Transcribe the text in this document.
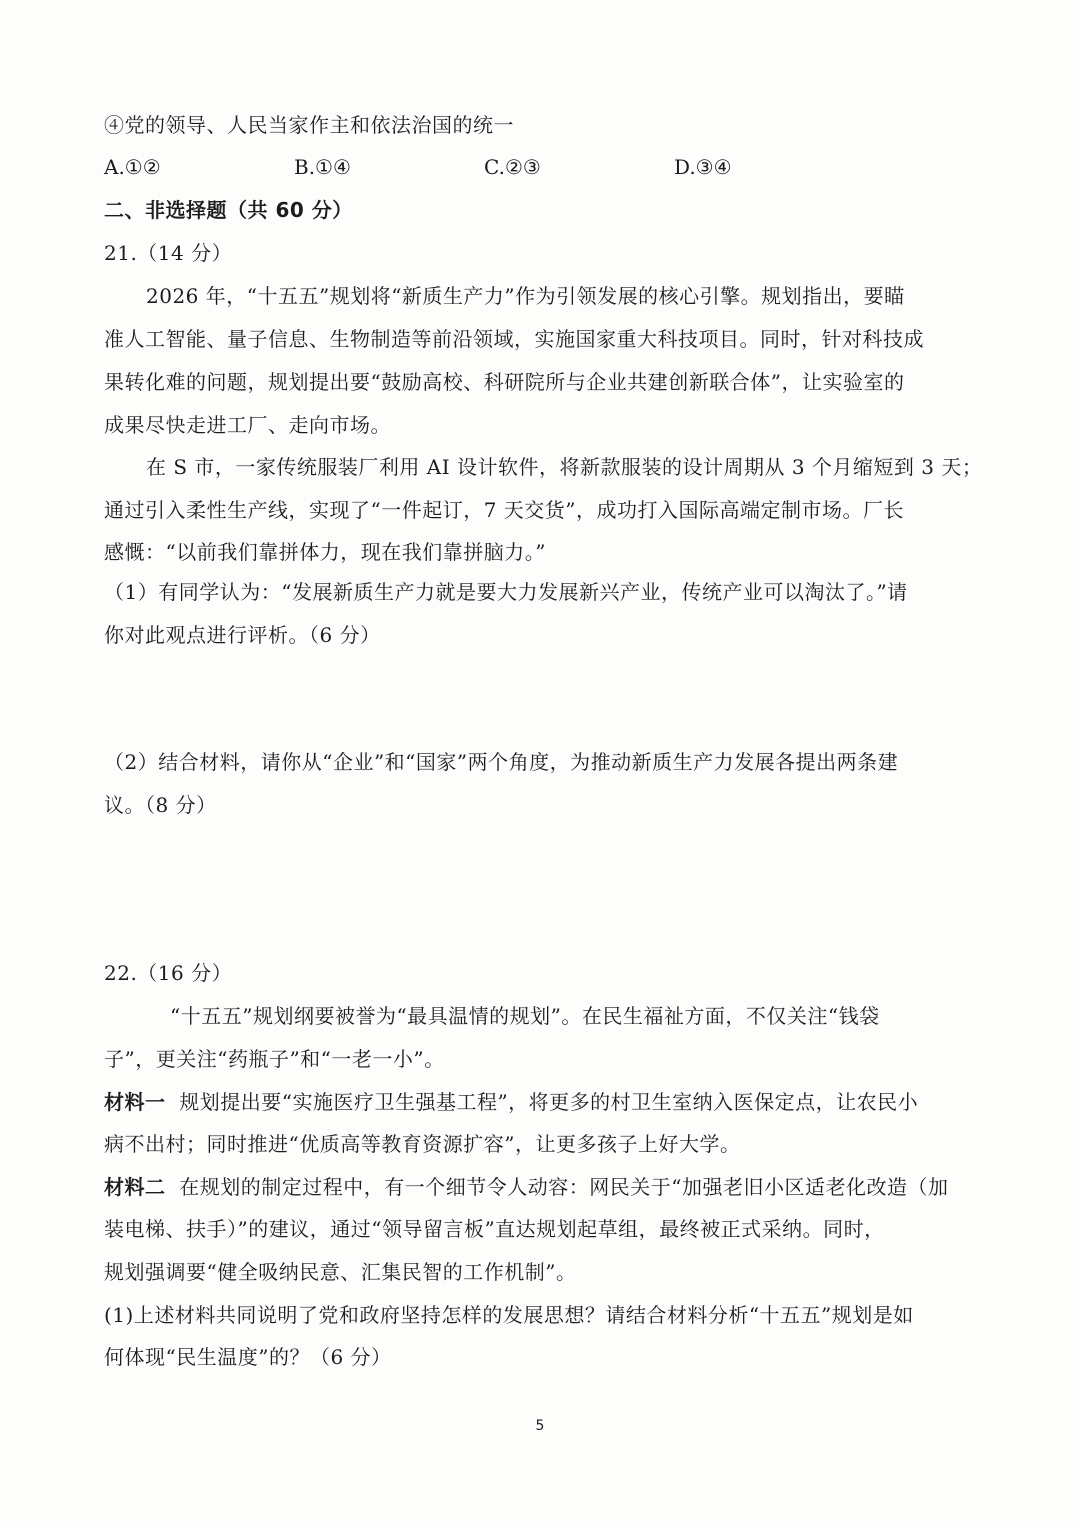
④党的领导、人民当家作主和依法治国的统一
A.①②	B.①④	C.②③	D.③④
二、非选择题（共 60 分）
21.（14 分）
2026 年，“十五五”规划将“新质生产力”作为引领发展的核心引擎。规划指出，要瞄
准人工智能、量子信息、生物制造等前沿领域，实施国家重大科技项目。同时，针对科技成
果转化难的问题，规划提出要“鼓励高校、科研院所与企业共建创新联合体”，让实验室的
成果尽快走进工厂、走向市场。
在 S 市，一家传统服装厂利用 AI 设计软件，将新款服装的设计周期从 3 个月缩短到 3 天；
通过引入柔性生产线，实现了“一件起订，7 天交货”，成功打入国际高端定制市场。厂长
感慨：“以前我们靠拼体力，现在我们靠拼脑力。”
（1）有同学认为：“发展新质生产力就是要大力发展新兴产业，传统产业可以淘汰了。”请
你对此观点进行评析。（6 分）
（2）结合材料，请你从“企业”和“国家”两个角度，为推动新质生产力发展各提出两条建
议。（8 分）
22.（16 分）
“十五五”规划纲要被誉为“最具温情的规划”。在民生福祉方面，不仅关注“钱袋
子”，更关注“药瓶子”和“一老一小”。
材料一 规划提出要“实施医疗卫生强基工程”，将更多的村卫生室纳入医保定点，让农民小
病不出村；同时推进“优质高等教育资源扩容”，让更多孩子上好大学。
材料二 在规划的制定过程中，有一个细节令人动容：网民关于“加强老旧小区适老化改造（加
装电梯、扶手）”的建议，通过“领导留言板”直达规划起草组，最终被正式采纳。同时，
规划强调要“健全吸纳民意、汇集民智的工作机制”。
(1)上述材料共同说明了党和政府坚持怎样的发展思想？请结合材料分析“十五五”规划是如
何体现“民生温度”的？（6 分）
5
